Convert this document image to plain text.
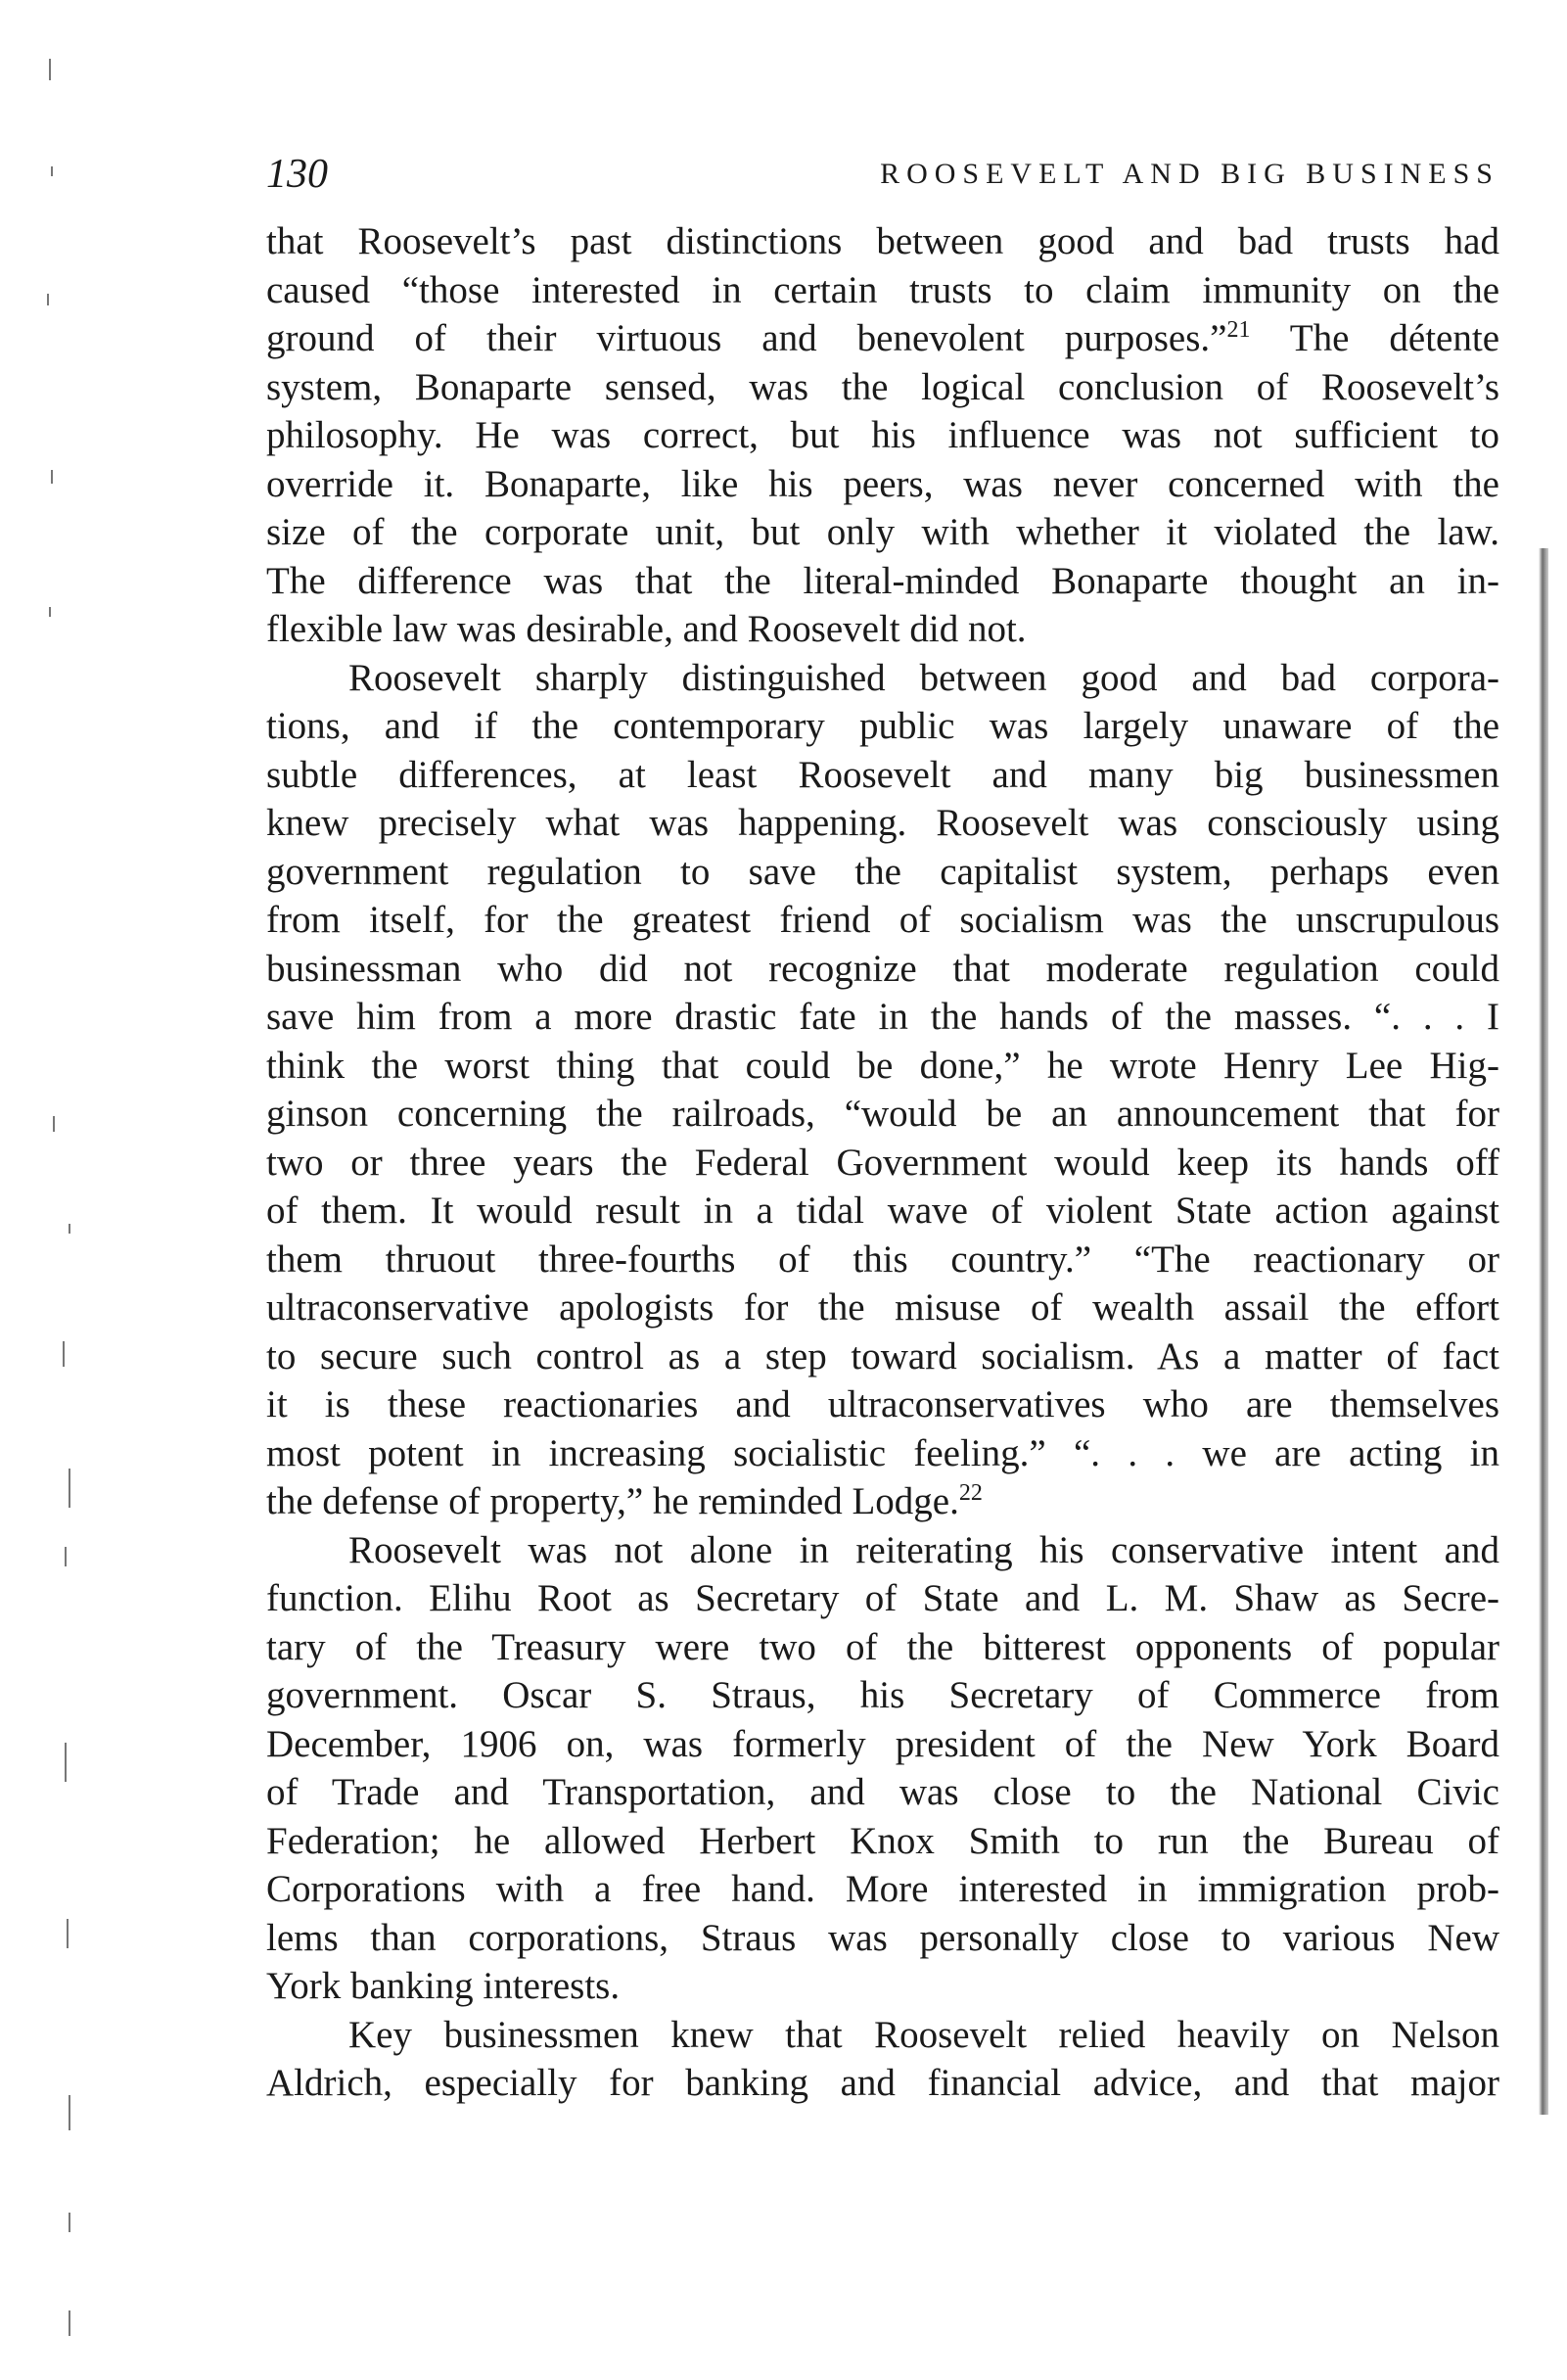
130	ROOSEVELT AND BIG BUSINESS

that Roosevelt’s past distinctions between good and bad trusts had
caused “those interested in certain trusts to claim immunity on the
ground of their virtuous and benevolent purposes.”$^{21}$ The détente
system, Bonaparte sensed, was the logical conclusion of Roosevelt’s
philosophy. He was correct, but his influence was not sufficient to
override it. Bonaparte, like his peers, was never concerned with the
size of the corporate unit, but only with whether it violated the law.
The difference was that the literal-minded Bonaparte thought an in-
flexible law was desirable, and Roosevelt did not.

Roosevelt sharply distinguished between good and bad corpora-
tions, and if the contemporary public was largely unaware of the
subtle differences, at least Roosevelt and many big businessmen
knew precisely what was happening. Roosevelt was consciously using
government regulation to save the capitalist system, perhaps even
from itself, for the greatest friend of socialism was the unscrupulous
businessman who did not recognize that moderate regulation could
save him from a more drastic fate in the hands of the masses. “. . . I
think the worst thing that could be done,” he wrote Henry Lee Hig-
ginson concerning the railroads, “would be an announcement that for
two or three years the Federal Government would keep its hands off
of them. It would result in a tidal wave of violent State action against
them thruout three-fourths of this country.” “The reactionary or
ultraconservative apologists for the misuse of wealth assail the effort
to secure such control as a step toward socialism. As a matter of fact
it is these reactionaries and ultraconservatives who are themselves
most potent in increasing socialistic feeling.” “. . . we are acting in
the defense of property,” he reminded Lodge.$^{22}$

Roosevelt was not alone in reiterating his conservative intent and
function. Elihu Root as Secretary of State and L. M. Shaw as Secre-
tary of the Treasury were two of the bitterest opponents of popular
government. Oscar S. Straus, his Secretary of Commerce from
December, 1906 on, was formerly president of the New York Board
of Trade and Transportation, and was close to the National Civic
Federation; he allowed Herbert Knox Smith to run the Bureau of
Corporations with a free hand. More interested in immigration prob-
lems than corporations, Straus was personally close to various New
York banking interests.

Key businessmen knew that Roosevelt relied heavily on Nelson
Aldrich, especially for banking and financial advice, and that major
